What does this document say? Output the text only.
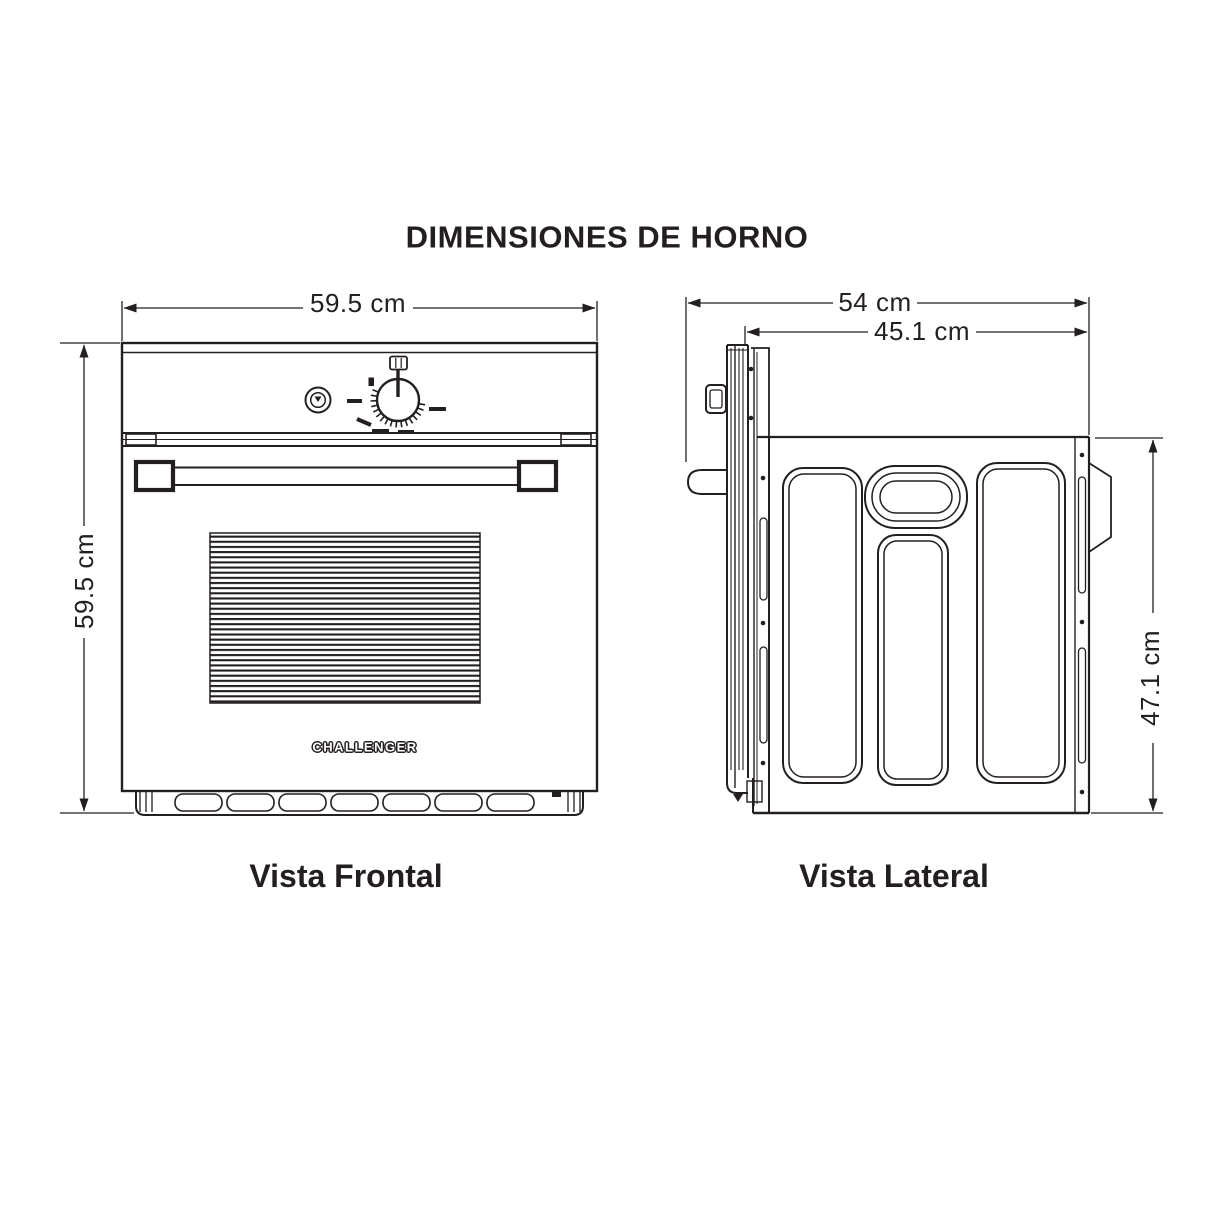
DIMENSIONES DE HORNO
59.5 cm
59.5 cm
54 cm
45.1 cm
47.1 cm
CHALLENGER
Vista Frontal	Vista Lateral
